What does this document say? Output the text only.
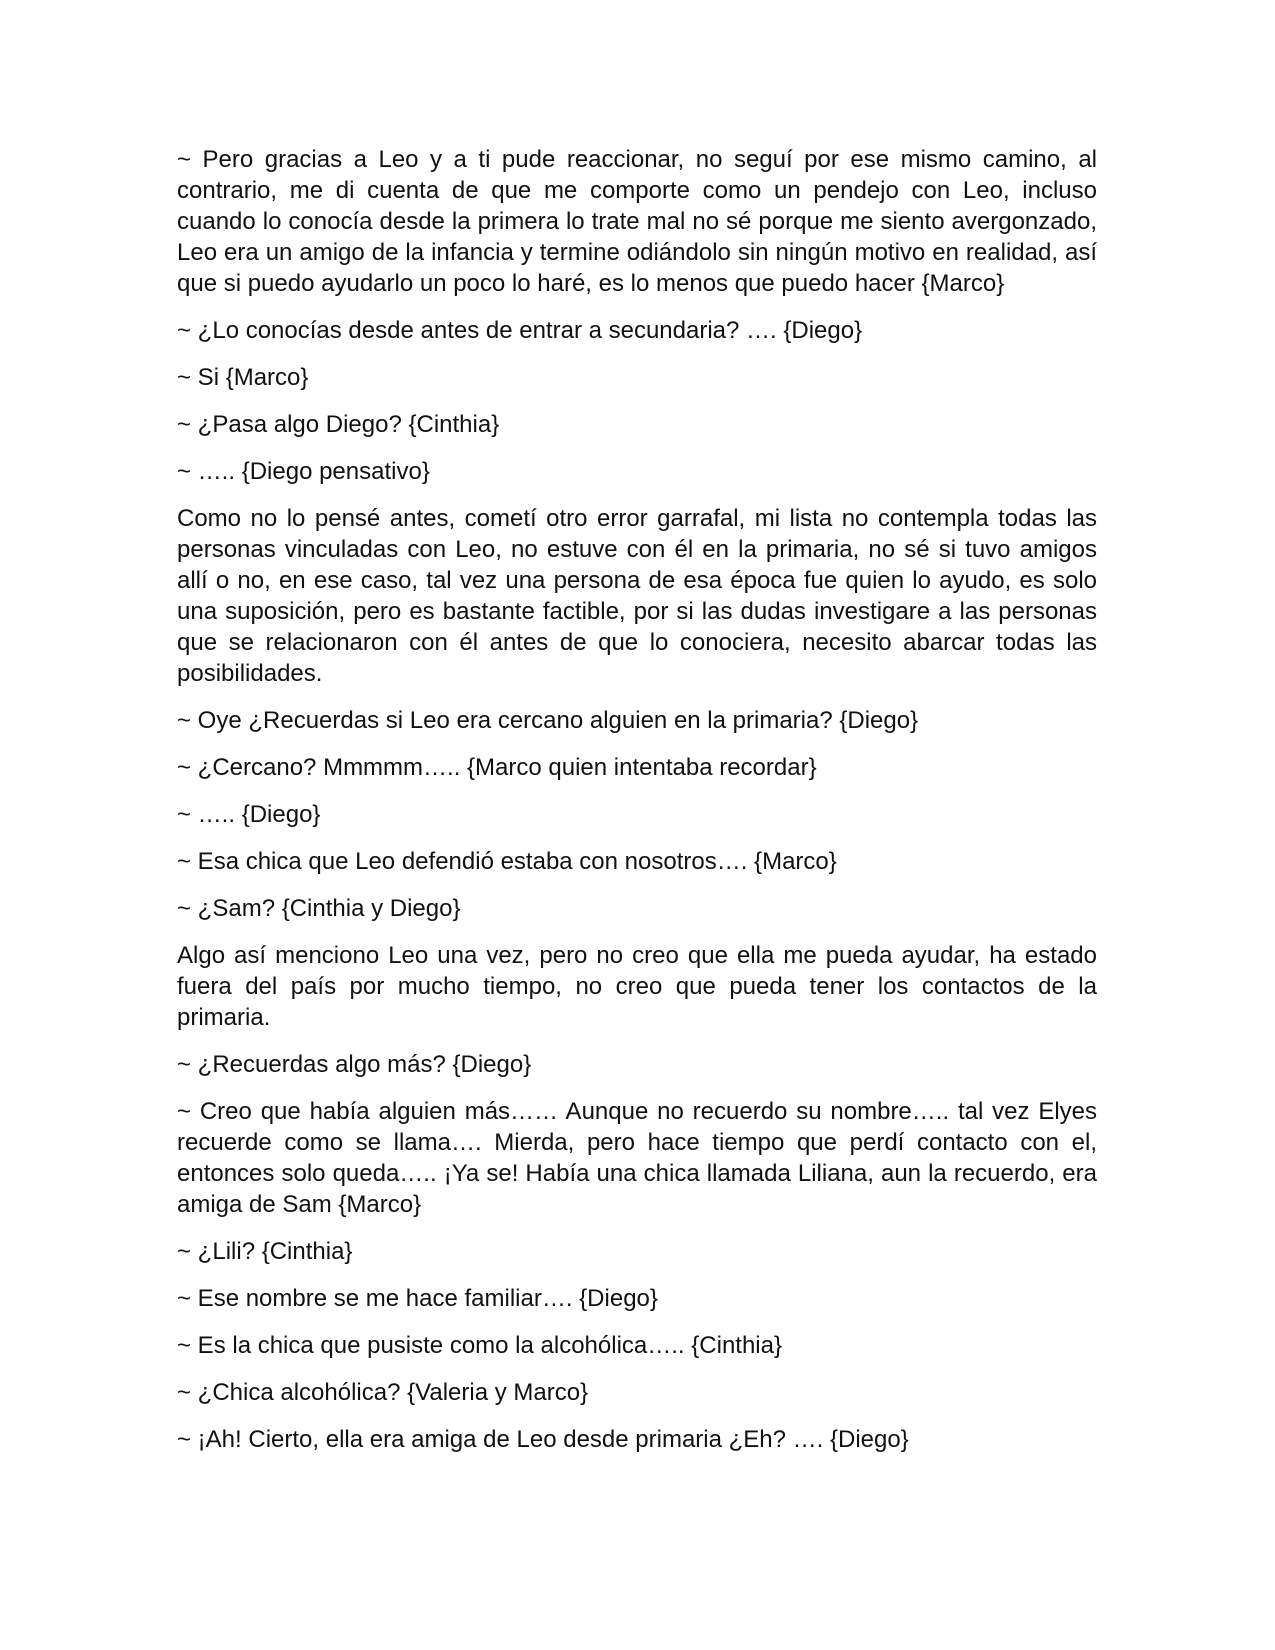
~ Pero gracias a Leo y a ti pude reaccionar, no seguí por ese mismo camino, al contrario, me di cuenta de que me comporte como un pendejo con Leo, incluso cuando lo conocía desde la primera lo trate mal no sé porque me siento avergonzado, Leo era un amigo de la infancia y termine odiándolo sin ningún motivo en realidad, así que si puedo ayudarlo un poco lo haré, es lo menos que puedo hacer {Marco}

~ ¿Lo conocías desde antes de entrar a secundaria? …. {Diego}

~ Si {Marco}

~ ¿Pasa algo Diego? {Cinthia}

~ ….. {Diego pensativo}

Como no lo pensé antes, cometí otro error garrafal, mi lista no contempla todas las personas vinculadas con Leo, no estuve con él en la primaria, no sé si tuvo amigos allí o no, en ese caso, tal vez una persona de esa época fue quien lo ayudo, es solo una suposición, pero es bastante factible, por si las dudas investigare a las personas que se relacionaron con él antes de que lo conociera, necesito abarcar todas las posibilidades.

~ Oye ¿Recuerdas si Leo era cercano alguien en la primaria? {Diego}

~ ¿Cercano? Mmmmm….. {Marco quien intentaba recordar}

~ ….. {Diego}

~ Esa chica que Leo defendió estaba con nosotros…. {Marco}

~ ¿Sam? {Cinthia y Diego}

Algo así menciono Leo una vez, pero no creo que ella me pueda ayudar, ha estado fuera del país por mucho tiempo, no creo que pueda tener los contactos de la primaria.

~ ¿Recuerdas algo más? {Diego}

~ Creo que había alguien más…… Aunque no recuerdo su nombre….. tal vez Elyes recuerde como se llama…. Mierda, pero hace tiempo que perdí contacto con el, entonces solo queda….. ¡Ya se! Había una chica llamada Liliana, aun la recuerdo, era amiga de Sam {Marco}

~ ¿Lili? {Cinthia}

~ Ese nombre se me hace familiar…. {Diego}

~ Es la chica que pusiste como la alcohólica….. {Cinthia}

~ ¿Chica alcohólica? {Valeria y Marco}

~ ¡Ah! Cierto, ella era amiga de Leo desde primaria ¿Eh? …. {Diego}
